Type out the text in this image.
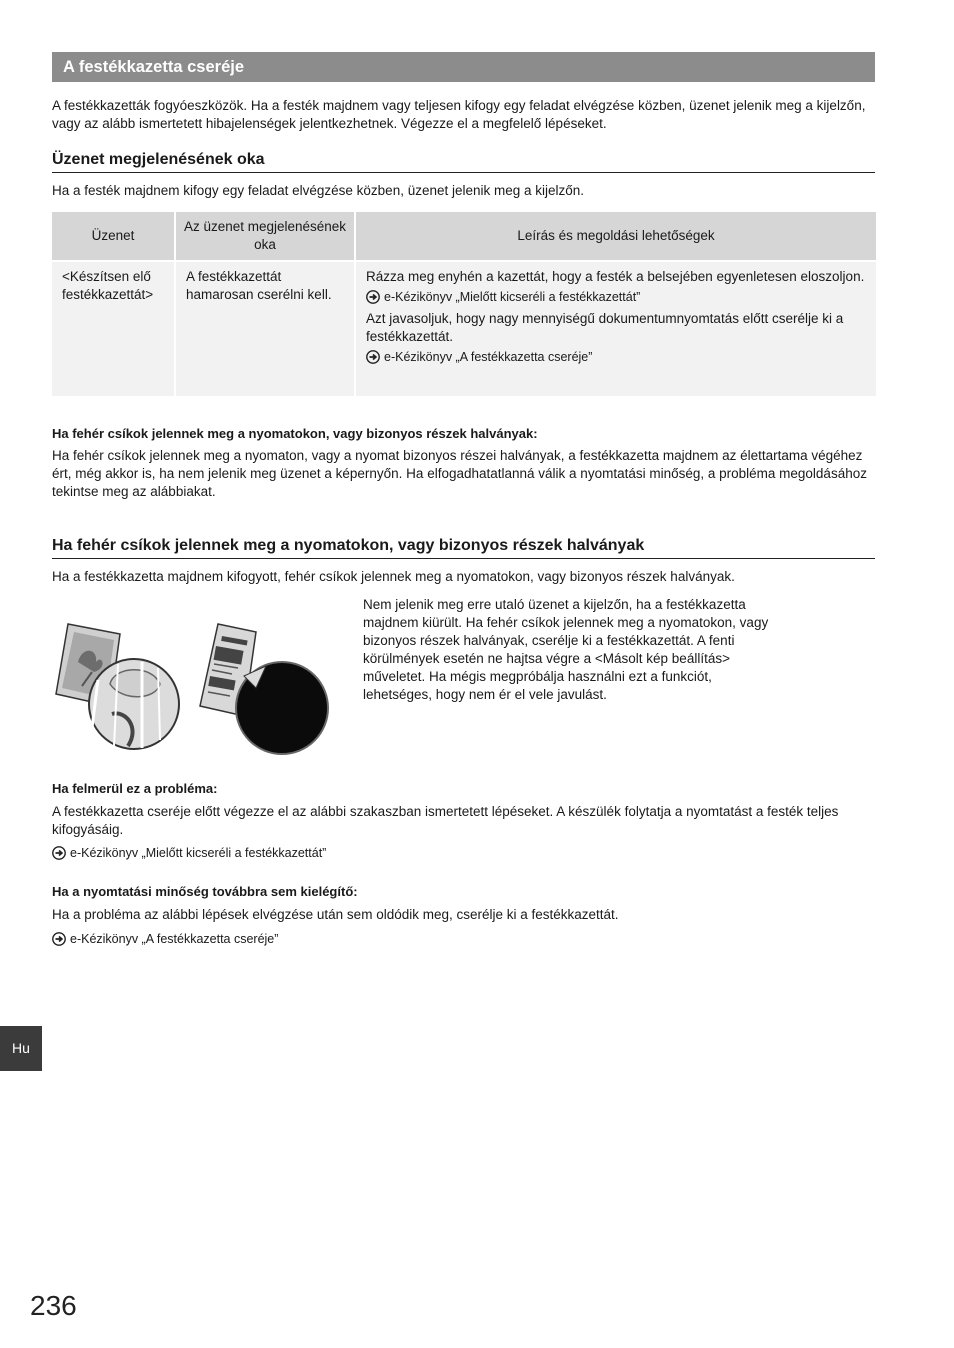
A festékkazetta cseréje

A festékkazetták fogyóeszközök. Ha a festék majdnem vagy teljesen kifogy egy feladat elvégzése közben, üzenet jelenik meg a kijelzőn, vagy az alább ismertetett hibajelenségek jelentkezhetnek. Végezze el a megfelelő lépéseket.

Üzenet megjelenésének oka

Ha a festék majdnem kifogy egy feladat elvégzése közben, üzenet jelenik meg a kijelzőn.

Üzenet	Az üzenet megjelenésének oka	Leírás és megoldási lehetőségek
<Készítsen elő festékkazettát>	A festékkazettát hamarosan cserélni kell.	Rázza meg enyhén a kazettát, hogy a festék a belsejében egyenletesen eloszoljon.
e-Kézikönyv „Mielőtt kicseréli a festékkazettát”
Azt javasoljuk, hogy nagy mennyiségű dokumentumnyomtatás előtt cserélje ki a festékkazettát.
e-Kézikönyv „A festékkazetta cseréje”

Ha fehér csíkok jelennek meg a nyomatokon, vagy bizonyos részek halványak:

Ha fehér csíkok jelennek meg a nyomaton, vagy a nyomat bizonyos részei halványak, a festékkazetta majdnem az élettartama végéhez ért, még akkor is, ha nem jelenik meg üzenet a képernyőn. Ha elfogadhatatlanná válik a nyomtatási minőség, a probléma megoldásához tekintse meg az alábbiakat.

Ha fehér csíkok jelennek meg a nyomatokon, vagy bizonyos részek halványak

Ha a festékkazetta majdnem kifogyott, fehér csíkok jelennek meg a nyomatokon, vagy bizonyos részek halványak.

Nem jelenik meg erre utaló üzenet a kijelzőn, ha a festékkazetta majdnem kiürült. Ha fehér csíkok jelennek meg a nyomatokon, vagy bizonyos részek halványak, cserélje ki a festékkazettát. A fenti körülmények esetén ne hajtsa végre a <Másolt kép beállítás> műveletet. Ha mégis megpróbálja használni ezt a funkciót, lehetséges, hogy nem ér el vele javulást.

Ha felmerül ez a probléma:

A festékkazetta cseréje előtt végezze el az alábbi szakaszban ismertetett lépéseket. A készülék folytatja a nyomtatást a festék teljes kifogyásáig.

e-Kézikönyv „Mielőtt kicseréli a festékkazettát”

Ha a nyomtatási minőség továbbra sem kielégítő:

Ha a probléma az alábbi lépések elvégzése után sem oldódik meg, cserélje ki a festékkazettát.

e-Kézikönyv „A festékkazetta cseréje”
Hu
236
